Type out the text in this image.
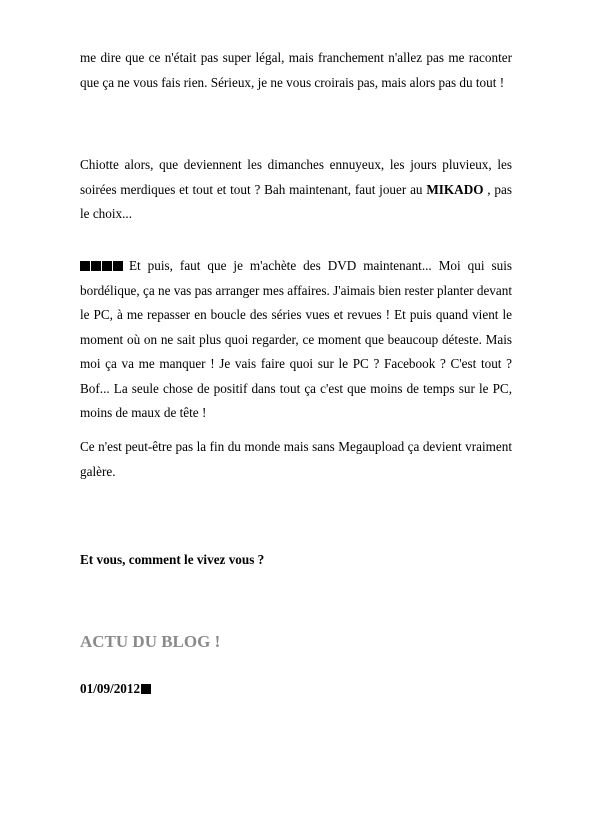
me dire que ce n'était pas super légal, mais franchement n'allez pas me raconter que ça ne vous fais rien. Sérieux, je ne vous croirais pas, mais alors pas du tout !

Chiotte alors, que deviennent les dimanches ennuyeux, les jours pluvieux, les soirées merdiques et tout et tout ? Bah maintenant, faut jouer au MIKADO , pas le choix...

Et puis, faut que je m'achète des DVD maintenant... Moi qui suis bordélique, ça ne vas pas arranger mes affaires. J'aimais bien rester planter devant le PC, à me repasser en boucle des séries vues et revues ! Et puis quand vient le moment où on ne sait plus quoi regarder, ce moment que beaucoup déteste. Mais moi ça va me manquer ! Je vais faire quoi sur le PC ? Facebook ? C'est tout ? Bof... La seule chose de positif dans tout ça c'est que moins de temps sur le PC, moins de maux de tête !

Ce n'est peut-être pas la fin du monde mais sans Megaupload ça devient vraiment galère.

Et vous, comment le vivez vous ?

ACTU DU BLOG !

01/09/2012
